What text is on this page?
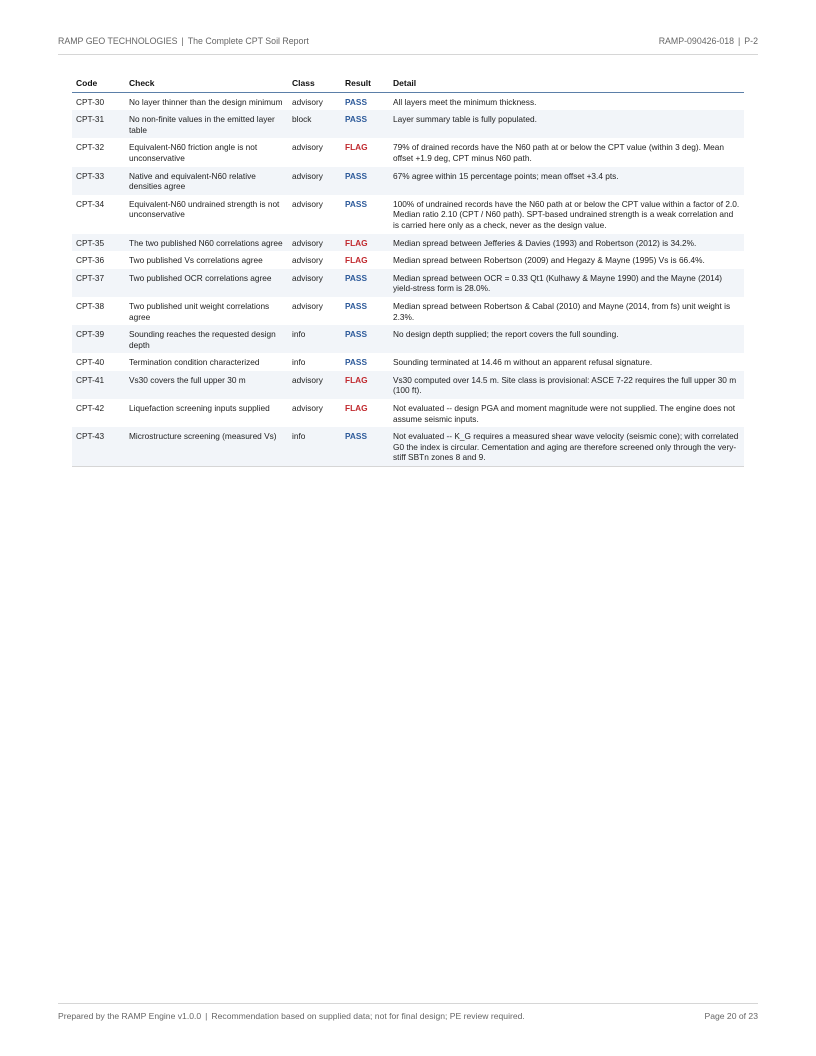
RAMP GEO TECHNOLOGIES | The Complete CPT Soil Report	RAMP-090426-018 | P-2
Code	Check	Class	Result	Detail
CPT-30	No layer thinner than the design minimum	advisory	PASS	All layers meet the minimum thickness.
CPT-31	No non-finite values in the emitted layer table	block	PASS	Layer summary table is fully populated.
CPT-32	Equivalent-N60 friction angle is not unconservative	advisory	FLAG	79% of drained records have the N60 path at or below the CPT value (within 3 deg). Mean offset +1.9 deg, CPT minus N60 path.
CPT-33	Native and equivalent-N60 relative densities agree	advisory	PASS	67% agree within 15 percentage points; mean offset +3.4 pts.
CPT-34	Equivalent-N60 undrained strength is not unconservative	advisory	PASS	100% of undrained records have the N60 path at or below the CPT value within a factor of 2.0. Median ratio 2.10 (CPT / N60 path). SPT-based undrained strength is a weak correlation and is carried here only as a check, never as the design value.
CPT-35	The two published N60 correlations agree	advisory	FLAG	Median spread between Jefferies & Davies (1993) and Robertson (2012) is 34.2%.
CPT-36	Two published Vs correlations agree	advisory	FLAG	Median spread between Robertson (2009) and Hegazy & Mayne (1995) Vs is 66.4%.
CPT-37	Two published OCR correlations agree	advisory	PASS	Median spread between OCR = 0.33 Qt1 (Kulhawy & Mayne 1990) and the Mayne (2014) yield-stress form is 28.0%.
CPT-38	Two published unit weight correlations agree	advisory	PASS	Median spread between Robertson & Cabal (2010) and Mayne (2014, from fs) unit weight is 2.3%.
CPT-39	Sounding reaches the requested design depth	info	PASS	No design depth supplied; the report covers the full sounding.
CPT-40	Termination condition characterized	info	PASS	Sounding terminated at 14.46 m without an apparent refusal signature.
CPT-41	Vs30 covers the full upper 30 m	advisory	FLAG	Vs30 computed over 14.5 m. Site class is provisional: ASCE 7-22 requires the full upper 30 m (100 ft).
CPT-42	Liquefaction screening inputs supplied	advisory	FLAG	Not evaluated -- design PGA and moment magnitude were not supplied. The engine does not assume seismic inputs.
CPT-43	Microstructure screening (measured Vs)	info	PASS	Not evaluated -- K_G requires a measured shear wave velocity (seismic cone); with correlated G0 the index is circular. Cementation and aging are therefore screened only through the very-stiff SBTn zones 8 and 9.
Prepared by the RAMP Engine v1.0.0 | Recommendation based on supplied data; not for final design; PE review required.	Page 20 of 23
